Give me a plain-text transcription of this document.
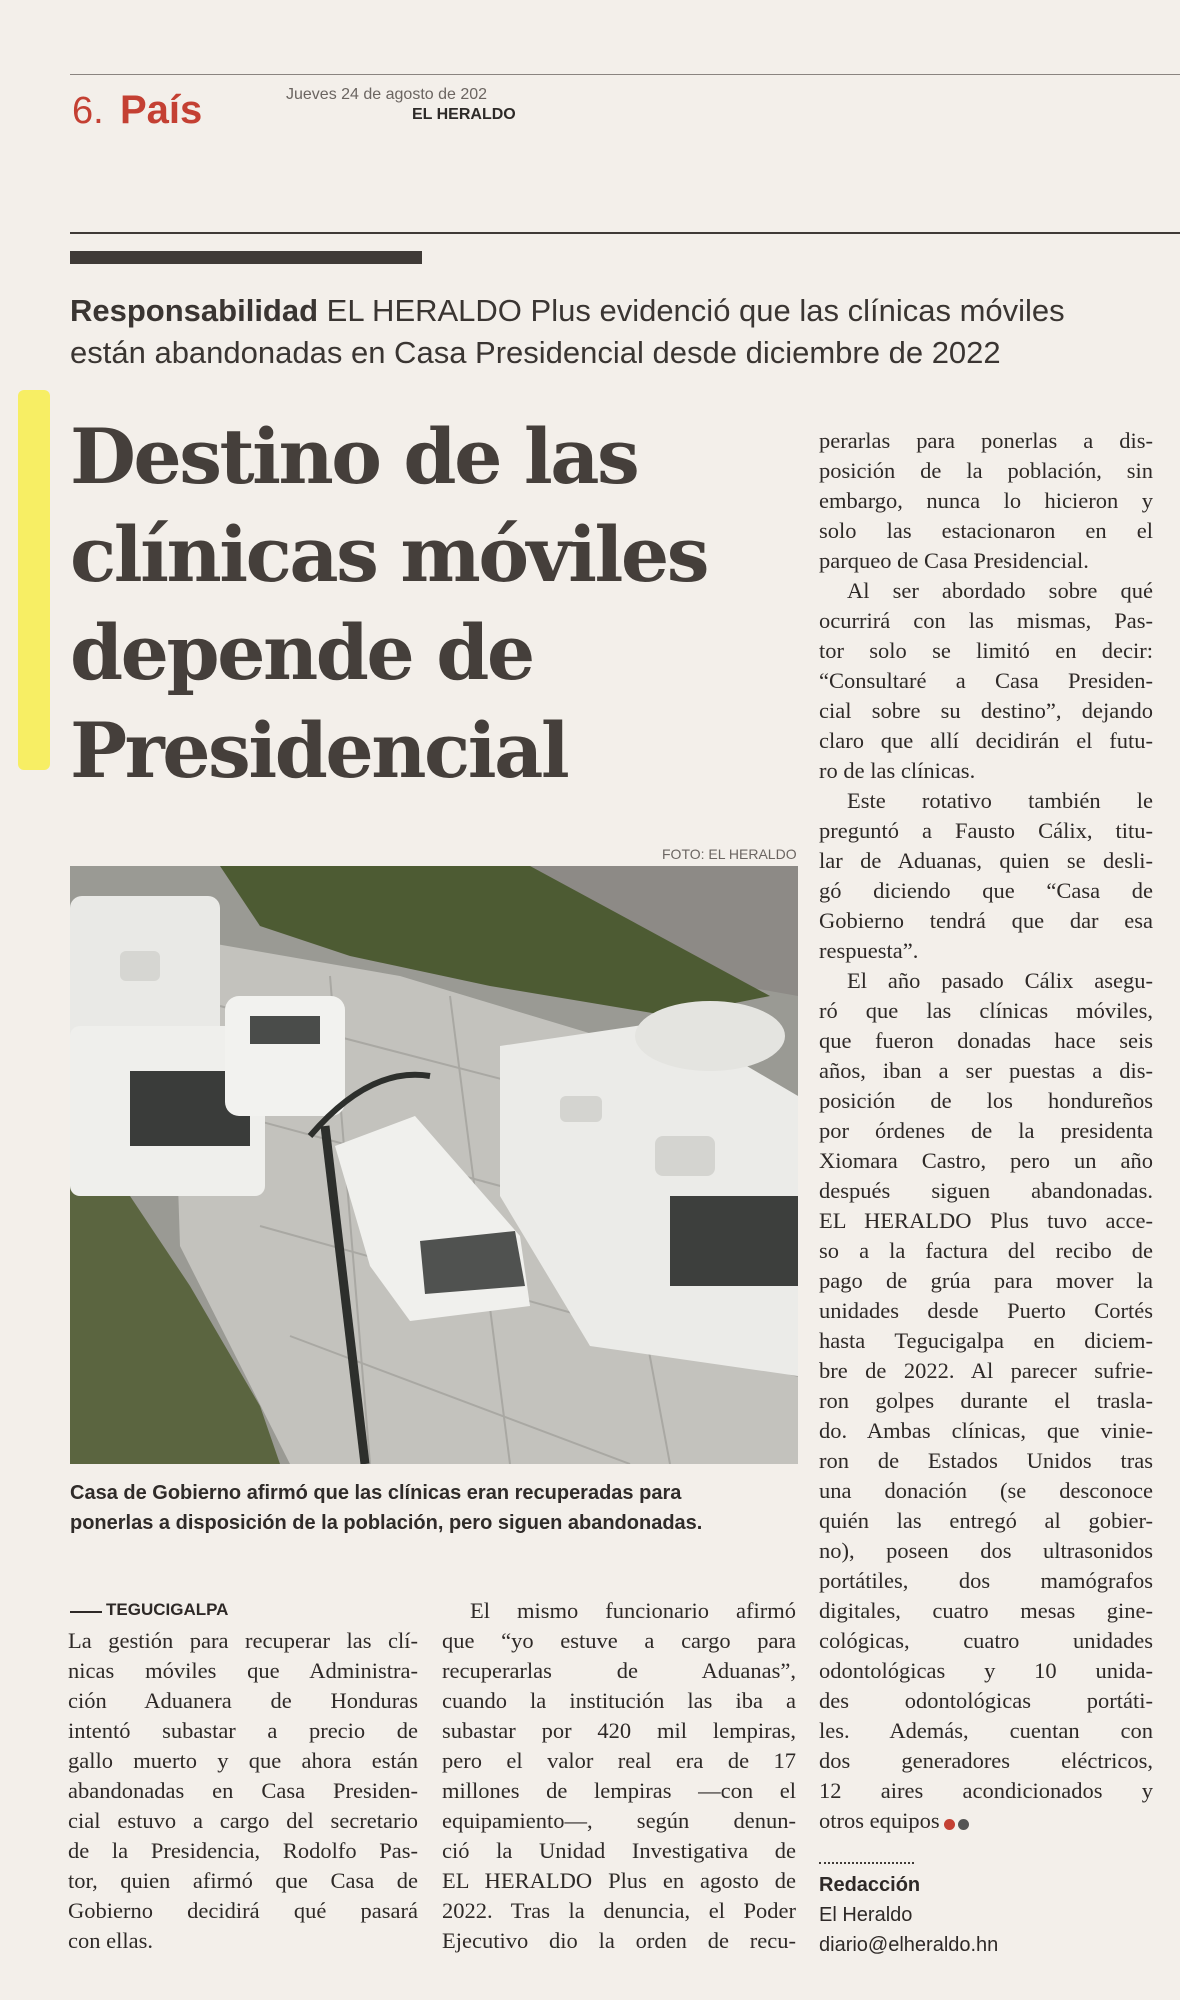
6. País	Jueves 24 de agosto de 202
EL HERALDO
Responsabilidad EL HERALDO Plus evidenció que las clínicas móviles
están abandonadas en Casa Presidencial desde diciembre de 2022
Destino de las
clínicas móviles
depende de
Presidencial
FOTO: EL HERALDO
Casa de Gobierno afirmó que las clínicas eran recuperadas para
ponerlas a disposición de la población, pero siguen abandonadas.
TEGUCIGALPA
La gestión para recuperar las clí-
nicas móviles que Administra-
ción Aduanera de Honduras
intentó subastar a precio de
gallo muerto y que ahora están
abandonadas en Casa Presiden-
cial estuvo a cargo del secretario
de la Presidencia, Rodolfo Pas-
tor, quien afirmó que Casa de
Gobierno decidirá qué pasará
con ellas.
El mismo funcionario afirmó
que “yo estuve a cargo para
recuperarlas de Aduanas”,
cuando la institución las iba a
subastar por 420 mil lempiras,
pero el valor real era de 17
millones de lempiras —con el
equipamiento—, según denun-
ció la Unidad Investigativa de
EL HERALDO Plus en agosto de
2022. Tras la denuncia, el Poder
Ejecutivo dio la orden de recu-
perarlas para ponerlas a dis-
posición de la población, sin
embargo, nunca lo hicieron y
solo las estacionaron en el
parqueo de Casa Presidencial.
Al ser abordado sobre qué
ocurrirá con las mismas, Pas-
tor solo se limitó en decir:
“Consultaré a Casa Presiden-
cial sobre su destino”, dejando
claro que allí decidirán el futu-
ro de las clínicas.
Este rotativo también le
preguntó a Fausto Cálix, titu-
lar de Aduanas, quien se desli-
gó diciendo que “Casa de
Gobierno tendrá que dar esa
respuesta”.
El año pasado Cálix asegu-
ró que las clínicas móviles,
que fueron donadas hace seis
años, iban a ser puestas a dis-
posición de los hondureños
por órdenes de la presidenta
Xiomara Castro, pero un año
después siguen abandonadas.
EL HERALDO Plus tuvo acce-
so a la factura del recibo de
pago de grúa para mover la
unidades desde Puerto Cortés
hasta Tegucigalpa en diciem-
bre de 2022. Al parecer sufrie-
ron golpes durante el trasla-
do. Ambas clínicas, que vinie-
ron de Estados Unidos tras
una donación (se desconoce
quién las entregó al gobier-
no), poseen dos ultrasonidos
portátiles, dos mamógrafos
digitales, cuatro mesas gine-
cológicas, cuatro unidades
odontológicas y 10 unida-
des odontológicas portáti-
les. Además, cuentan con
dos generadores eléctricos,
12 aires acondicionados y
otros equipos
Redacción
El Heraldo
diario@elheraldo.hn
